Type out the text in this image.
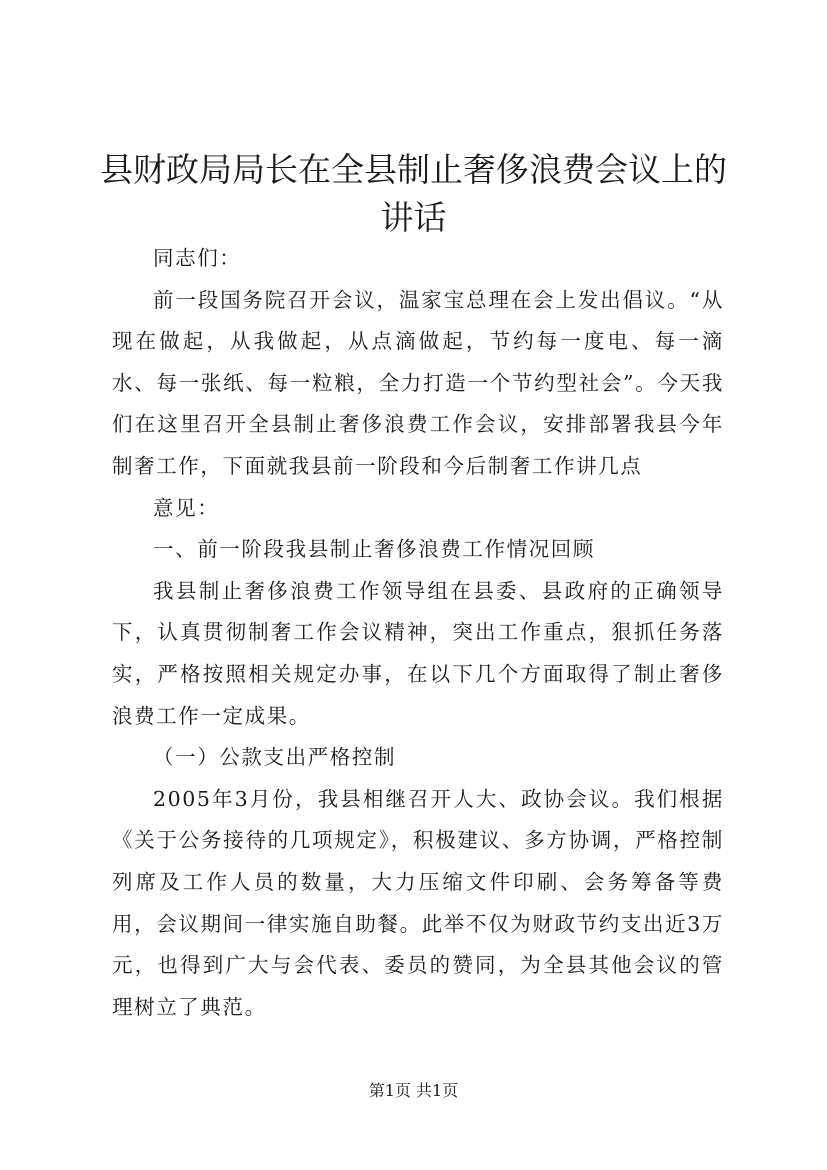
县财政局局长在全县制止奢侈浪费会议上的讲话

同志们：

前一段国务院召开会议，温家宝总理在会上发出倡议。“从现在做起，从我做起，从点滴做起，节约每一度电、每一滴水、每一张纸、每一粒粮，全力打造一个节约型社会”。今天我们在这里召开全县制止奢侈浪费工作会议，安排部署我县今年制奢工作，下面就我县前一阶段和今后制奢工作讲几点

意见：

一、前一阶段我县制止奢侈浪费工作情况回顾

我县制止奢侈浪费工作领导组在县委、县政府的正确领导下，认真贯彻制奢工作会议精神，突出工作重点，狠抓任务落实，严格按照相关规定办事，在以下几个方面取得了制止奢侈浪费工作一定成果。

（一）公款支出严格控制

2005年3月份，我县相继召开人大、政协会议。我们根据《关于公务接待的几项规定》，积极建议、多方协调，严格控制列席及工作人员的数量，大力压缩文件印刷、会务筹备等费用，会议期间一律实施自助餐。此举不仅为财政节约支出近3万元，也得到广大与会代表、委员的赞同，为全县其他会议的管理树立了典范。

第1页 共1页
